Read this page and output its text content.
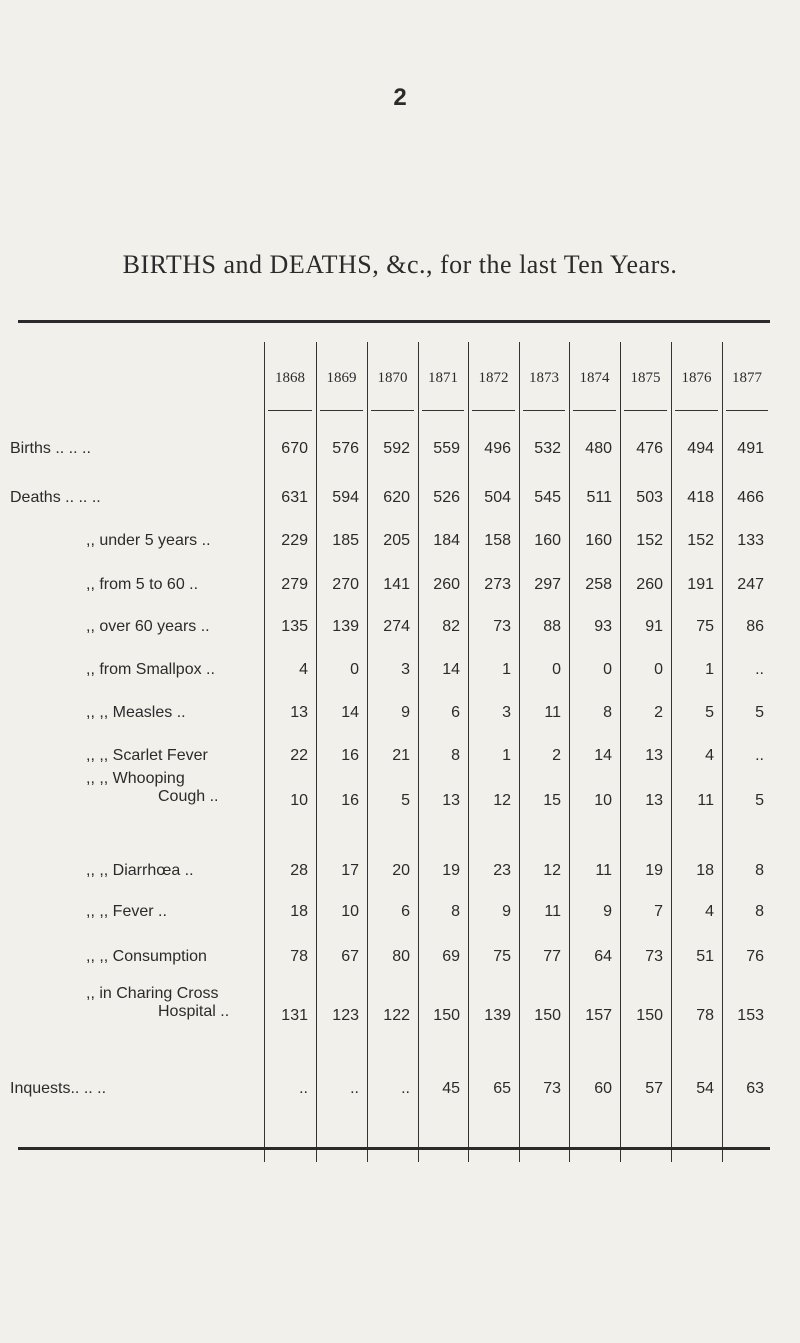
2
BIRTHS and DEATHS, &c., for the last Ten Years.
1868	1869	1870	1871	1872	1873	1874	1875	1876	1877
Births .. .. ..	670	576	592	559	496	532	480	476	494	491
Deaths .. .. ..	631	594	620	526	504	545	511	503	418	466
,, under 5 years ..	229	185	205	184	158	160	160	152	152	133
,, from 5 to 60 ..	279	270	141	260	273	297	258	260	191	247
,, over 60 years ..	135	139	274	82	73	88	93	91	75	86
,, from Smallpox ..	4	0	3	14	1	0	0	0	1	..
,, ,, Measles ..	13	14	9	6	3	11	8	2	5	5
,, ,, Scarlet Fever	22	16	21	8	1	2	14	13	4	..
,, ,, Whooping
Cough ..	10	16	5	13	12	15	10	13	11	5
,, ,, Diarrhœa ..	28	17	20	19	23	12	11	19	18	8
,, ,, Fever ..	18	10	6	8	9	11	9	7	4	8
,, ,, Consumption	78	67	80	69	75	77	64	73	51	76
,, in Charing Cross
Hospital ..	131	123	122	150	139	150	157	150	78	153
Inquests.. .. ..	..	..	..	45	65	73	60	57	54	63
